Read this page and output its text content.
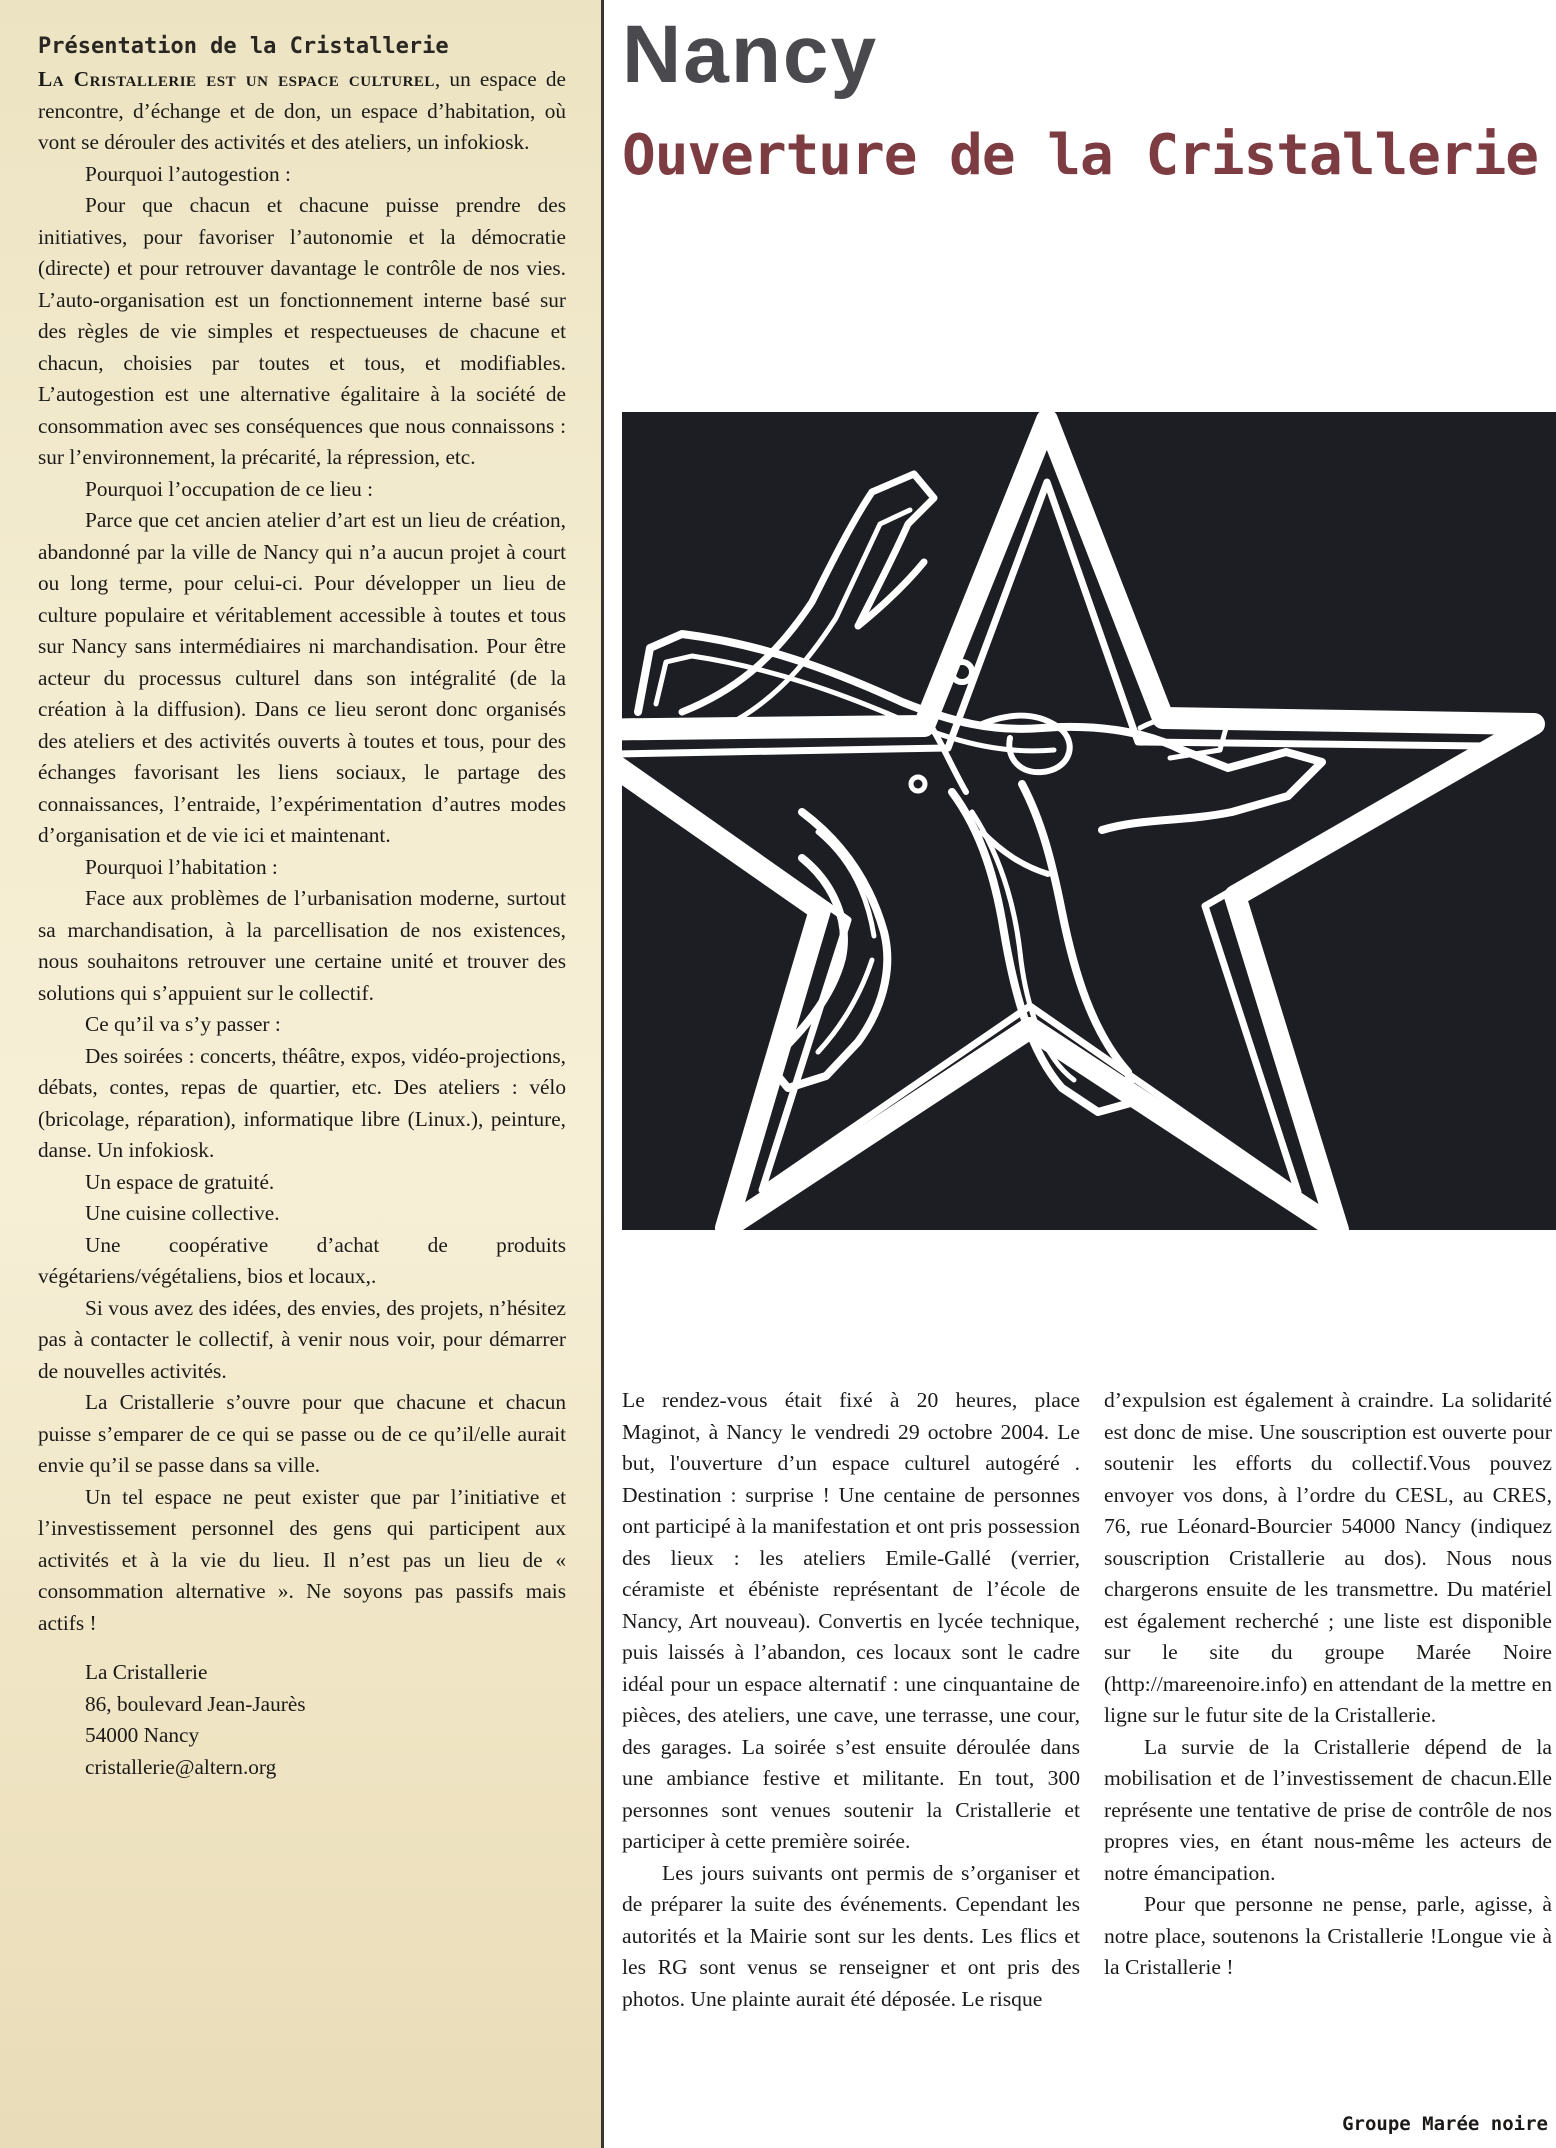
Présentation de la Cristallerie

La Cristallerie est un espace culturel, un espace de rencontre, d’échange et de don, un espace d’habitation, où vont se dérouler des activités et des ateliers, un infokiosk.

Pourquoi l’autogestion :

Pour que chacun et chacune puisse prendre des initiatives, pour favoriser l’autonomie et la démocratie (directe) et pour retrouver davantage le contrôle de nos vies. L’auto-organisation est un fonctionnement interne basé sur des règles de vie simples et respectueuses de chacune et chacun, choisies par toutes et tous, et modifiables. L’autogestion est une alternative égalitaire à la société de consommation avec ses conséquences que nous connaissons : sur l’environnement, la précarité, la répression, etc.

Pourquoi l’occupation de ce lieu :

Parce que cet ancien atelier d’art est un lieu de création, abandonné par la ville de Nancy qui n’a aucun projet à court ou long terme, pour celui-ci. Pour développer un lieu de culture populaire et véritablement accessible à toutes et tous sur Nancy sans intermédiaires ni marchandisation. Pour être acteur du processus culturel dans son intégralité (de la création à la diffusion). Dans ce lieu seront donc organisés des ateliers et des activités ouverts à toutes et tous, pour des échanges favorisant les liens sociaux, le partage des connaissances, l’entraide, l’expérimentation d’autres modes d’organisation et de vie ici et maintenant.

Pourquoi l’habitation :

Face aux problèmes de l’urbanisation moderne, surtout sa marchandisation, à la parcellisation de nos existences, nous souhaitons retrouver une certaine unité et trouver des solutions qui s’appuient sur le collectif.

Ce qu’il va s’y passer :

Des soirées : concerts, théâtre, expos, vidéo-projections, débats, contes, repas de quartier, etc. Des ateliers : vélo (bricolage, réparation), informatique libre (Linux.), peinture, danse. Un infokiosk.

Un espace de gratuité.

Une cuisine collective.

Une coopérative d’achat de produits végétariens/végétaliens, bios et locaux,.

Si vous avez des idées, des envies, des projets, n’hésitez pas à contacter le collectif, à venir nous voir, pour démarrer de nouvelles activités.

La Cristallerie s’ouvre pour que chacune et chacun puisse s’emparer de ce qui se passe ou de ce qu’il/elle aurait envie qu’il se passe dans sa ville.

Un tel espace ne peut exister que par l’initiative et l’investissement personnel des gens qui participent aux activités et à la vie du lieu. Il n’est pas un lieu de « consommation alternative ». Ne soyons pas passifs mais actifs !

La Cristallerie
86, boulevard Jean-Jaurès
54000 Nancy
cristallerie@altern.org
Nancy
Ouverture de la Cristallerie

Le rendez-vous était fixé à 20 heures, place Maginot, à Nancy le vendredi 29 octobre 2004. Le but, l'ouverture d’un espace culturel autogéré . Destination : surprise ! Une centaine de personnes ont participé à la manifestation et ont pris possession des lieux : les ateliers Emile-Gallé (verrier, céramiste et ébéniste représentant de l’école de Nancy, Art nouveau). Convertis en lycée technique, puis laissés à l’abandon, ces locaux sont le cadre idéal pour un espace alternatif : une cinquantaine de pièces, des ateliers, une cave, une terrasse, une cour, des garages. La soirée s’est ensuite déroulée dans une ambiance festive et militante. En tout, 300 personnes sont venues soutenir la Cristallerie et participer à cette première soirée.

Les jours suivants ont permis de s’organiser et de préparer la suite des événements. Cependant les autorités et la Mairie sont sur les dents. Les flics et les RG sont venus se renseigner et ont pris des photos. Une plainte aurait été déposée. Le risque

d’expulsion est également à craindre. La solidarité est donc de mise. Une souscription est ouverte pour soutenir les efforts du collectif.Vous pouvez envoyer vos dons, à l’ordre du CESL, au CRES, 76, rue Léonard-Bourcier 54000 Nancy (indiquez souscription Cristallerie au dos). Nous nous chargerons ensuite de les transmettre. Du matériel est également recherché ; une liste est disponible sur le site du groupe Marée Noire (http://mareenoire.info) en attendant de la mettre en ligne sur le futur site de la Cristallerie.

La survie de la Cristallerie dépend de la mobilisation et de l’investissement de chacun.Elle représente une tentative de prise de contrôle de nos propres vies, en étant nous-même les acteurs de notre émancipation.

Pour que personne ne pense, parle, agisse, à notre place, soutenons la Cristallerie !Longue vie à la Cristallerie !

Groupe Marée noire
